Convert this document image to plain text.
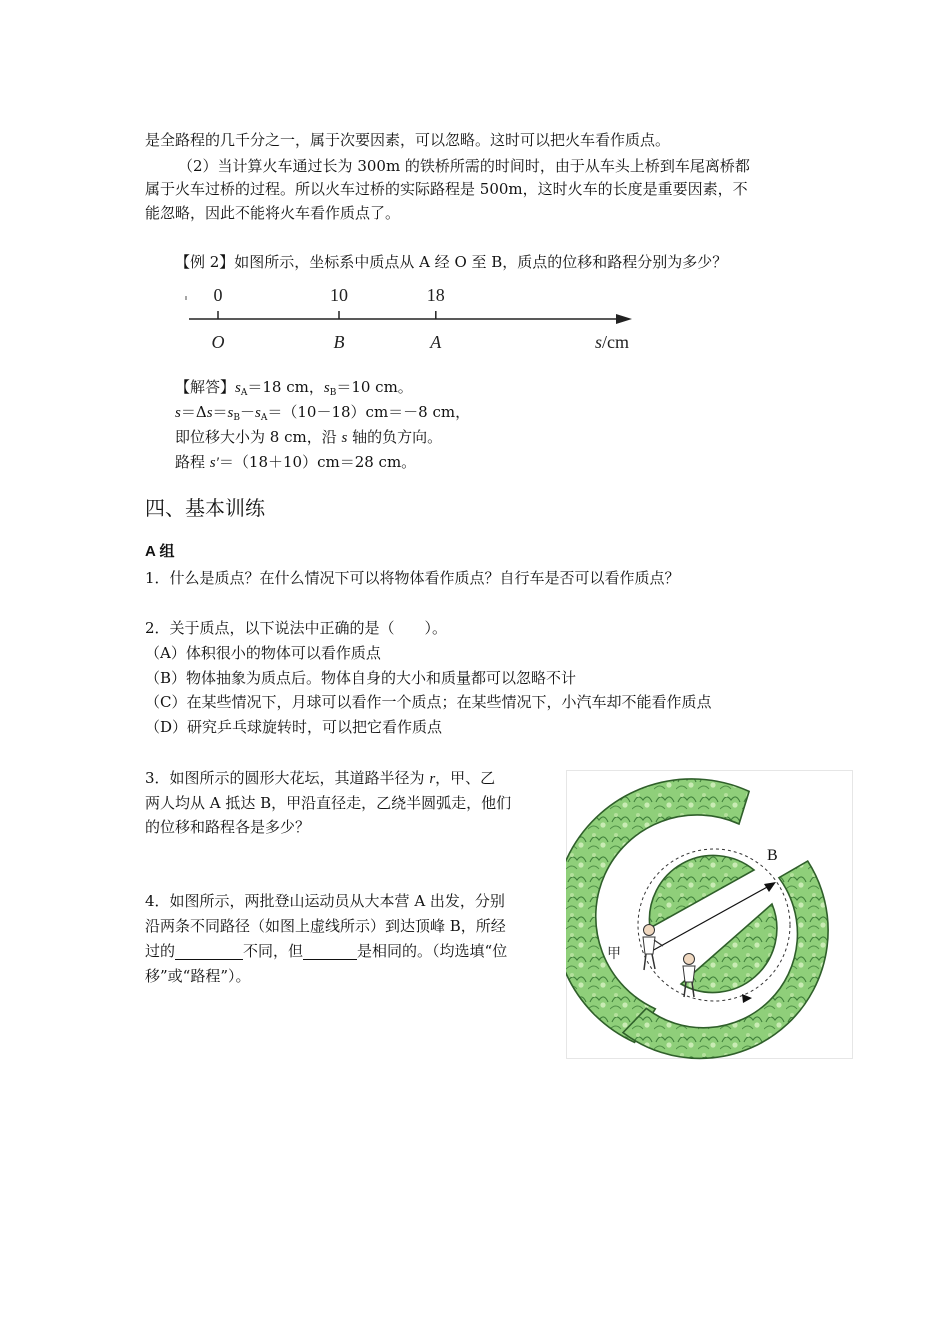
是全路程的几千分之一，属于次要因素，可以忽略。这时可以把火车看作质点。
（2）当计算火车通过长为 300m 的铁桥所需的时间时，由于从车头上桥到车尾离桥都
属于火车过桥的过程。所以火车过桥的实际路程是 500m，这时火车的长度是重要因素，不
能忽略，因此不能将火车看作质点了。
【例 2】如图所示，坐标系中质点从 A 经 O 至 B，质点的位移和路程分别为多少？
0
O
10
B
18
A	s/cm
【解答】$s_A=18$ cm，$s_B=10$ cm。
$s=\Delta s=s_B-s_A=(10-18)cm=-8$ cm，
即位移大小为 8 cm，沿 s 轴的负方向。
路程 s′＝（18＋10）cm＝28 cm。
四、基本训练
A 组
1．什么是质点？在什么情况下可以将物体看作质点？自行车是否可以看作质点？
2．关于质点，以下说法中正确的是（　　）。
（A）体积很小的物体可以看作质点
（B）物体抽象为质点后。物体自身的大小和质量都可以忽略不计
（C）在某些情况下，月球可以看作一个质点；在某些情况下，小汽车却不能看作质点
（D）研究乒乓球旋转时，可以把它看作质点
3．如图所示的圆形大花坛，其道路半径为 r，甲、乙
两人均从 A 抵达 B，甲沿直径走，乙绕半圆弧走，他们
的位移和路程各是多少？
4．如图所示，两批登山运动员从大本营 A 出发，分别
沿两条不同路径（如图上虚线所示）到达顶峰 B，所经
过的	不同，但	是相同的。（均选填“位
移”或“路程”）。
B
甲
